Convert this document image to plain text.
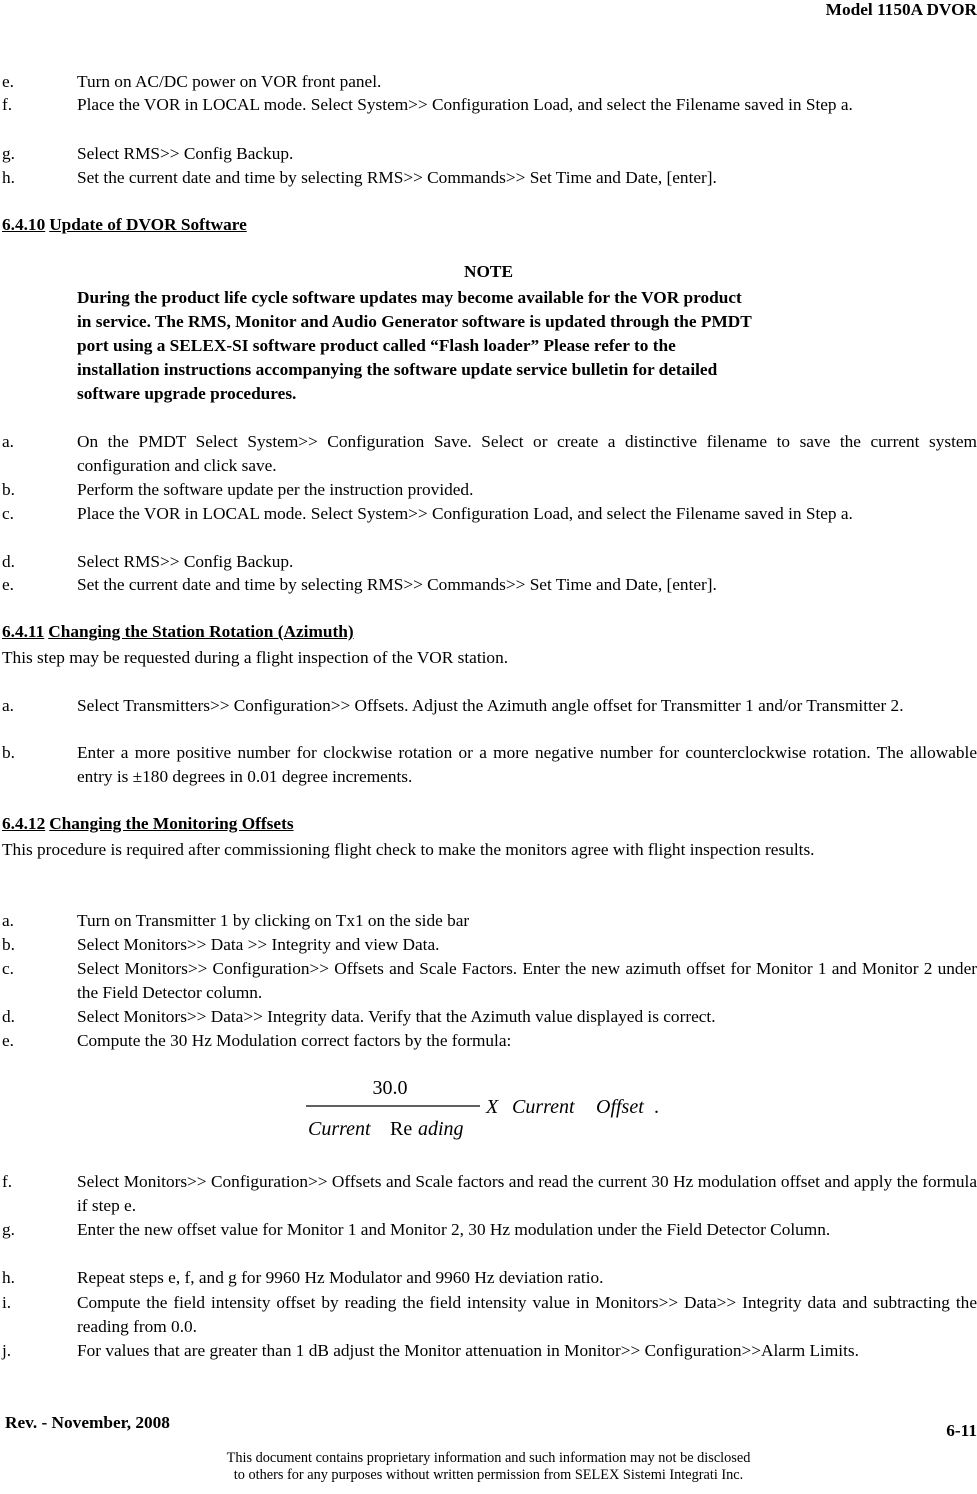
Model 1150A DVOR
e.	Turn on AC/DC power on VOR front panel.
f.	Place the VOR in LOCAL mode. Select System>> Configuration Load, and select the Filename saved in Step a.
g.	Select RMS>> Config Backup.
h.	Set the current date and time by selecting RMS>> Commands>> Set Time and Date, [enter].
6.4.10 Update of DVOR Software
NOTE
During the product life cycle software updates may become available for the VOR product
in service. The RMS, Monitor and Audio Generator software is updated through the PMDT
port using a SELEX-SI software product called “Flash loader” Please refer to the
installation instructions accompanying the software update service bulletin for detailed
software upgrade procedures.
a.	On the PMDT Select System>> Configuration Save. Select or create a distinctive filename to save the current system configuration and click save.
b.	Perform the software update per the instruction provided.
c.	Place the VOR in LOCAL mode. Select System>> Configuration Load, and select the Filename saved in Step a.
d.	Select RMS>> Config Backup.
e.	Set the current date and time by selecting RMS>> Commands>> Set Time and Date, [enter].
6.4.11 Changing the Station Rotation (Azimuth)
This step may be requested during a flight inspection of the VOR station.
a.	Select Transmitters>> Configuration>> Offsets. Adjust the Azimuth angle offset for Transmitter 1 and/or Transmitter 2.
b.	Enter a more positive number for clockwise rotation or a more negative number for counterclockwise rotation. The allowable entry is ±180 degrees in 0.01 degree increments.
6.4.12 Changing the Monitoring Offsets
This procedure is required after commissioning flight check to make the monitors agree with flight inspection results.
a.	Turn on Transmitter 1 by clicking on Tx1 on the side bar
b.	Select Monitors>> Data >> Integrity and view Data.
c.	Select Monitors>> Configuration>> Offsets and Scale Factors. Enter the new azimuth offset for Monitor 1 and Monitor 2 under the Field Detector column.
d.	Select Monitors>> Data>> Integrity data. Verify that the Azimuth value displayed is correct.
e.	Compute the 30 Hz Modulation correct factors by the formula:
30.0
Current Re ading
X Current Offset .
f.	Select Monitors>> Configuration>> Offsets and Scale factors and read the current 30 Hz modulation offset and apply the formula if step e.
g.	Enter the new offset value for Monitor 1 and Monitor 2, 30 Hz modulation under the Field Detector Column.
h.	Repeat steps e, f, and g for 9960 Hz Modulator and 9960 Hz deviation ratio.
i.	Compute the field intensity offset by reading the field intensity value in Monitors>> Data>> Integrity data and subtracting the reading from 0.0.
j.	For values that are greater than 1 dB adjust the Monitor attenuation in Monitor>> Configuration>>Alarm Limits.
Rev. - November, 2008	6-11
This document contains proprietary information and such information may not be disclosed
to others for any purposes without written permission from SELEX Sistemi Integrati Inc.
